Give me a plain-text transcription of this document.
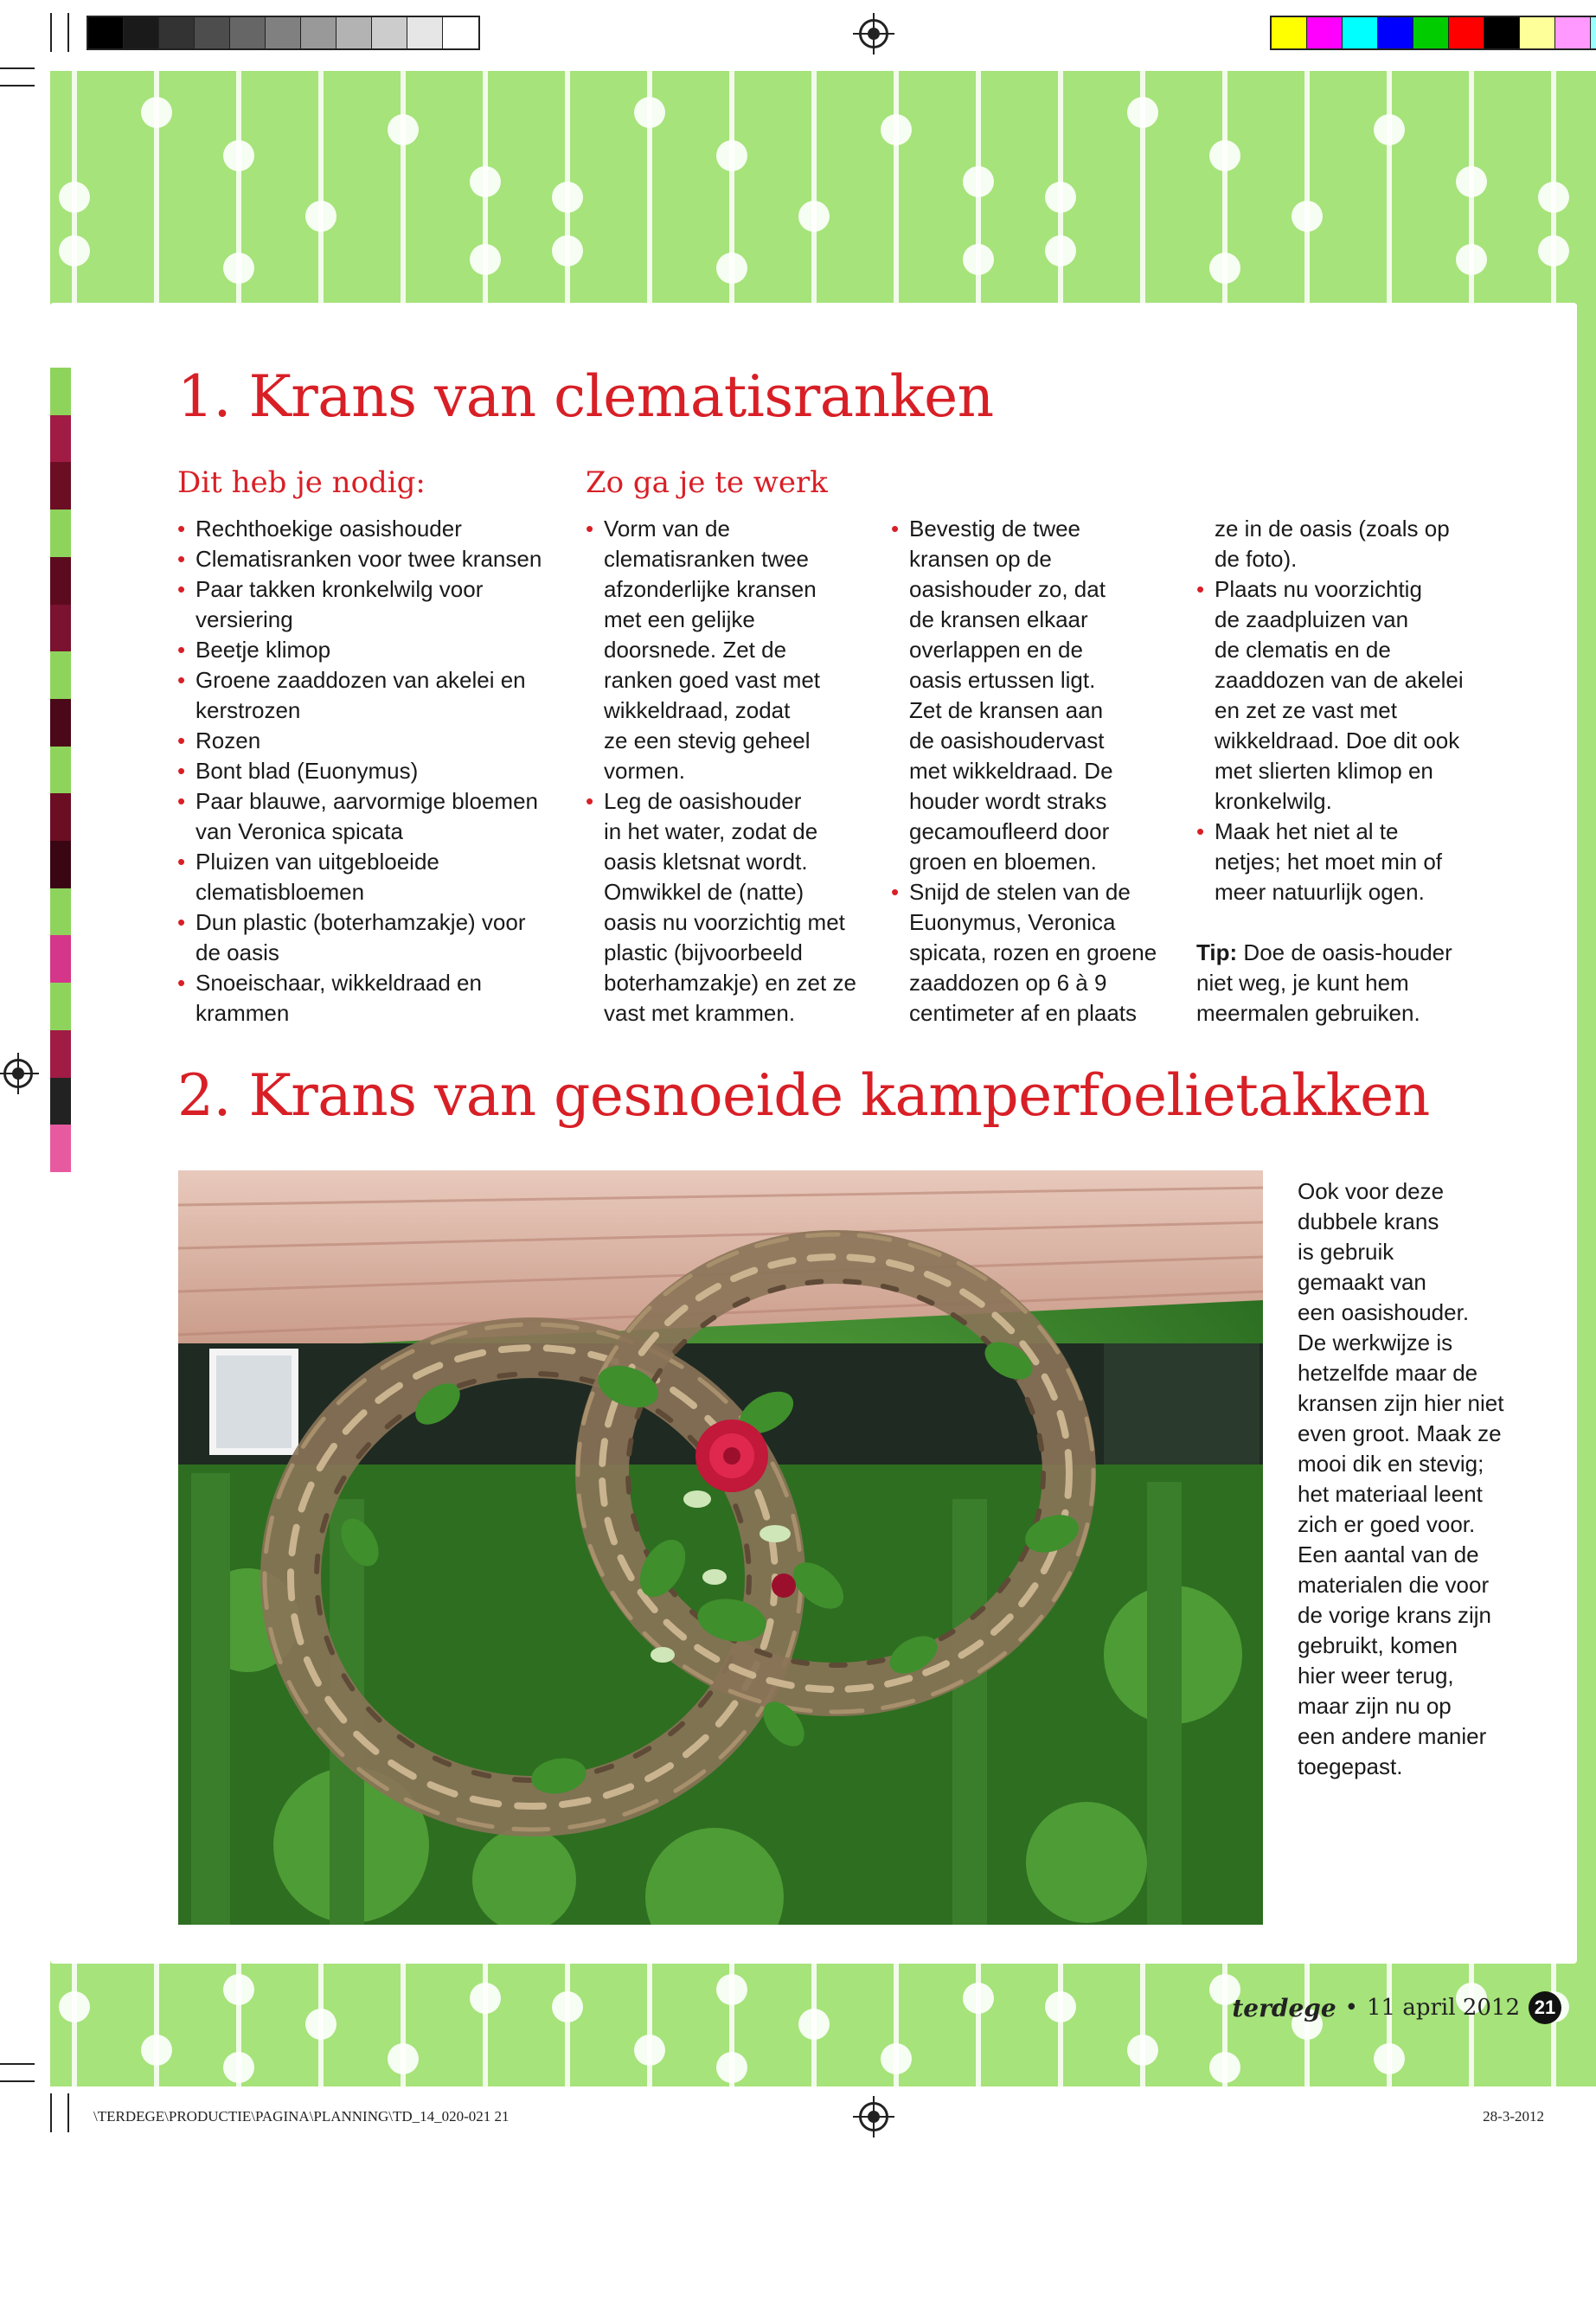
1. Krans van clematisranken
Dit heb je nodig:	Zo ga je te werk
• Rechthoekige oasishouder
• Clematisranken voor twee kransen
• Paar takken kronkelwilg voor
versiering
• Beetje klimop
• Groene zaaddozen van akelei en
kerstrozen
• Rozen
• Bont blad (Euonymus)
• Paar blauwe, aarvormige bloemen
van Veronica spicata
• Pluizen van uitgebloeide
clematisbloemen
• Dun plastic (boterhamzakje) voor
de oasis
• Snoeischaar, wikkeldraad en
krammen
• Vorm van de
clematisranken twee
afzonderlijke kransen
met een gelijke
doorsnede. Zet de
ranken goed vast met
wikkeldraad, zodat
ze een stevig geheel
vormen.
• Leg de oasishouder
in het water, zodat de
oasis kletsnat wordt.
Omwikkel de (natte)
oasis nu voorzichtig met
plastic (bijvoorbeeld
boterhamzakje) en zet ze
vast met krammen.
• Bevestig de twee
kransen op de
oasishouder zo, dat
de kransen elkaar
overlappen en de
oasis ertussen ligt.
Zet de kransen aan
de oasishoudervast
met wikkeldraad. De
houder wordt straks
gecamoufleerd door
groen en bloemen.
• Snijd de stelen van de
Euonymus, Veronica
spicata, rozen en groene
zaaddozen op 6 à 9
centimeter af en plaats
ze in de oasis (zoals op
de foto).
• Plaats nu voorzichtig
de zaadpluizen van
de clematis en de
zaaddozen van de akelei
en zet ze vast met
wikkeldraad. Doe dit ook
met slierten klimop en
kronkelwilg.
• Maak het niet al te
netjes; het moet min of
meer natuurlijk ogen.

Tip: Doe de oasis-houder
niet weg, je kunt hem
meermalen gebruiken.

2. Krans van gesnoeide kamperfoelietakken
Ook voor deze
dubbele krans
is gebruik
gemaakt van
een oasishouder.
De werkwijze is
hetzelfde maar de
kransen zijn hier niet
even groot. Maak ze
mooi dik en stevig;
het materiaal leent
zich er goed voor.
Een aantal van de
materialen die voor
de vorige krans zijn
gebruikt, komen
hier weer terug,
maar zijn nu op
een andere manier
toegepast.
terdege • 11 april 2012 21
\TERDEGE\PRODUCTIE\PAGINA\PLANNING\TD_14_020-021 21	28-3-2012
